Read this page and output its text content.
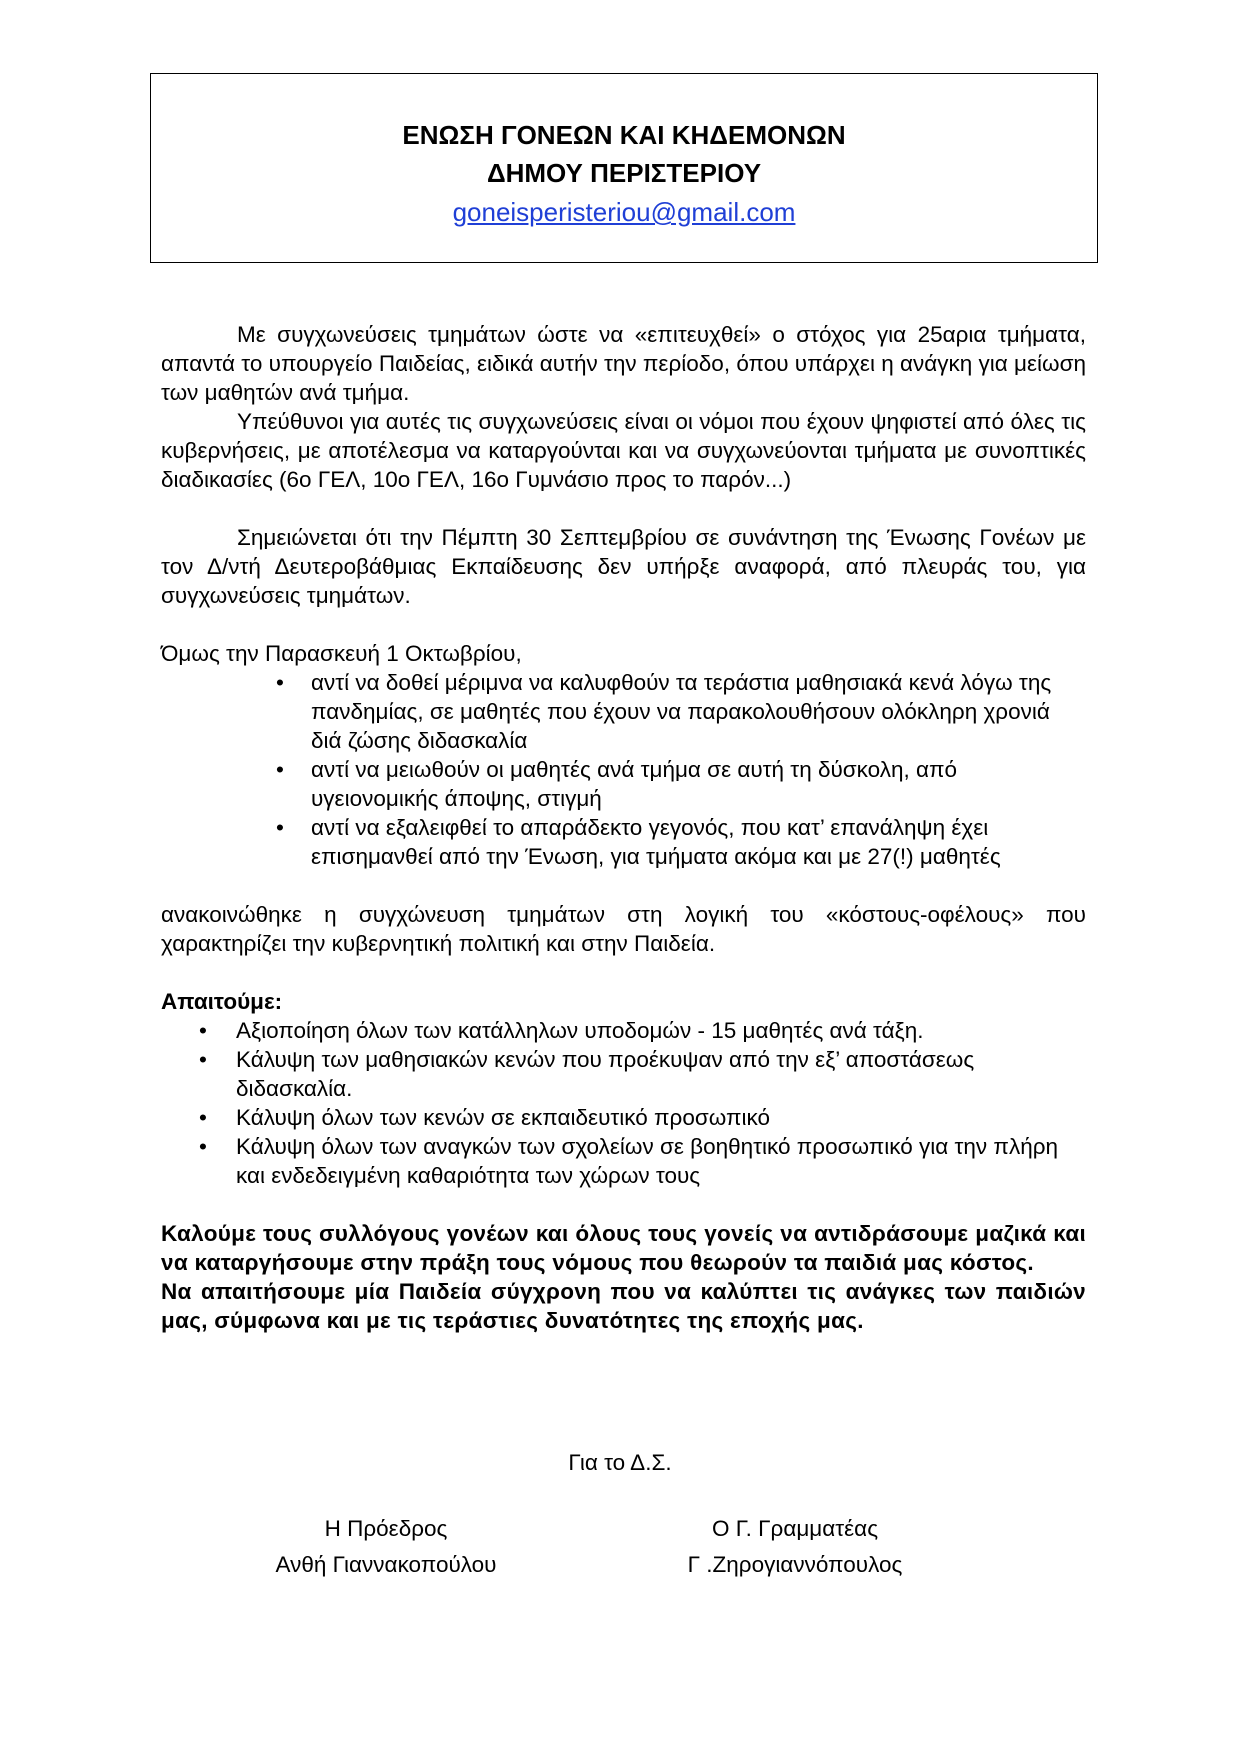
ΕΝΩΣΗ ΓΟΝΕΩΝ ΚΑΙ ΚΗΔΕΜΟΝΩΝ
ΔΗΜΟΥ ΠΕΡΙΣΤΕΡΙΟΥ
goneisperisteriou@gmail.com

Με συγχωνεύσεις τμημάτων ώστε να «επιτευχθεί» ο στόχος για 25αρια τμήματα, απαντά το υπουργείο Παιδείας, ειδικά αυτήν την περίοδο, όπου υπάρχει η ανάγκη για μείωση των μαθητών ανά τμήμα.

Υπεύθυνοι για αυτές τις συγχωνεύσεις είναι οι νόμοι που έχουν ψηφιστεί από όλες τις κυβερνήσεις, με αποτέλεσμα να καταργούνται και να συγχωνεύονται τμήματα με συνοπτικές διαδικασίες (6ο ΓΕΛ, 10ο ΓΕΛ, 16ο Γυμνάσιο προς το παρόν...)

Σημειώνεται ότι την Πέμπτη 30 Σεπτεμβρίου σε συνάντηση της Ένωσης Γονέων με τον Δ/ντή Δευτεροβάθμιας Εκπαίδευσης δεν υπήρξε αναφορά, από πλευράς του, για συγχωνεύσεις τμημάτων.

Όμως την Παρασκευή 1 Οκτωβρίου,

• αντί να δοθεί μέριμνα να καλυφθούν τα τεράστια μαθησιακά κενά λόγω της πανδημίας, σε μαθητές που έχουν να παρακολουθήσουν ολόκληρη χρονιά διά ζώσης διδασκαλία
• αντί να μειωθούν οι μαθητές ανά τμήμα σε αυτή τη δύσκολη, από υγειονομικής άποψης, στιγμή
• αντί να εξαλειφθεί το απαράδεκτο γεγονός, που κατ’ επανάληψη έχει επισημανθεί από την Ένωση, για τμήματα ακόμα και με 27(!) μαθητές

ανακοινώθηκε η συγχώνευση τμημάτων στη λογική του «κόστους-οφέλους» που χαρακτηρίζει την κυβερνητική πολιτική και στην Παιδεία.

Απαιτούμε:

• Αξιοποίηση όλων των κατάλληλων υποδομών - 15 μαθητές ανά τάξη.
• Κάλυψη των μαθησιακών κενών που προέκυψαν από την εξ’ αποστάσεως διδασκαλία.
• Κάλυψη όλων των κενών σε εκπαιδευτικό προσωπικό
• Κάλυψη όλων των αναγκών των σχολείων σε βοηθητικό προσωπικό για την πλήρη και ενδεδειγμένη καθαριότητα των χώρων τους

Καλούμε τους συλλόγους γονέων και όλους τους γονείς να αντιδράσουμε μαζικά και να καταργήσουμε στην πράξη τους νόμους που θεωρούν τα παιδιά μας κόστος.

Να απαιτήσουμε μία Παιδεία σύγχρονη που να καλύπτει τις ανάγκες των παιδιών μας, σύμφωνα και με τις τεράστιες δυνατότητες της εποχής μας.

Για το Δ.Σ.
Η Πρόεδρος
Ανθή Γιαννακοπούλου
Ο Γ. Γραμματέας
Γ .Ζηρογιαννόπουλος
